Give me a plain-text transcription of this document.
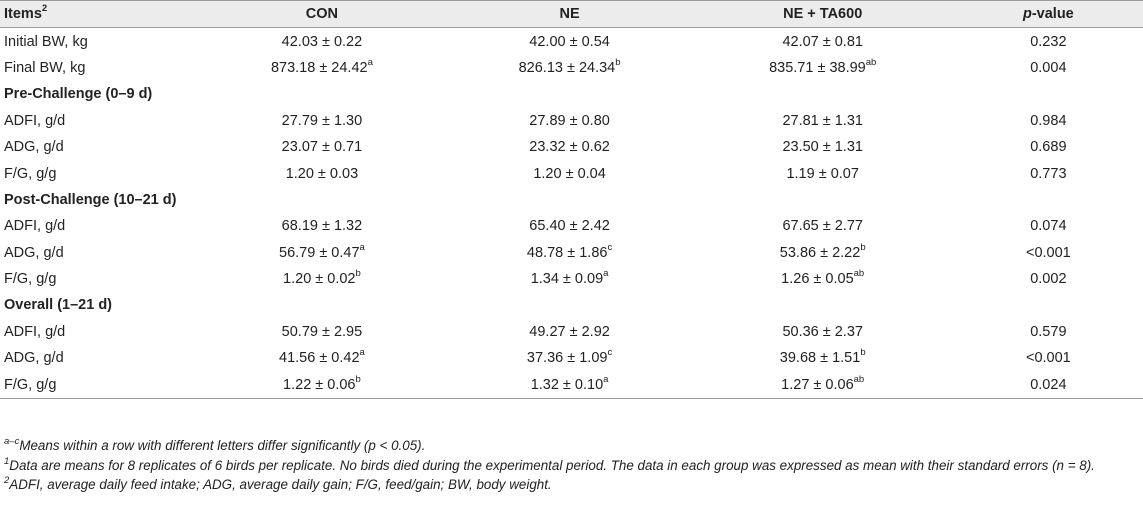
Items$^2$	CON	NE	NE + TA600	p-value
Initial BW, kg	42.03 ± 0.22	42.00 ± 0.54	42.07 ± 0.81	0.232
Final BW, kg	873.18 ± 24.42$^a$	826.13 ± 24.34$^b$	835.71 ± 38.99$^{ab}$	0.004
Pre-Challenge (0–9 d)				
ADFI, g/d	27.79 ± 1.30	27.89 ± 0.80	27.81 ± 1.31	0.984
ADG, g/d	23.07 ± 0.71	23.32 ± 0.62	23.50 ± 1.31	0.689
F/G, g/g	1.20 ± 0.03	1.20 ± 0.04	1.19 ± 0.07	0.773
Post-Challenge (10–21 d)				
ADFI, g/d	68.19 ± 1.32	65.40 ± 2.42	67.65 ± 2.77	0.074
ADG, g/d	56.79 ± 0.47$^a$	48.78 ± 1.86$^c$	53.86 ± 2.22$^b$	<0.001
F/G, g/g	1.20 ± 0.02$^b$	1.34 ± 0.09$^a$	1.26 ± 0.05$^{ab}$	0.002
Overall (1–21 d)				
ADFI, g/d	50.79 ± 2.95	49.27 ± 2.92	50.36 ± 2.37	0.579
ADG, g/d	41.56 ± 0.42$^a$	37.36 ± 1.09$^c$	39.68 ± 1.51$^b$	<0.001
F/G, g/g	1.22 ± 0.06$^b$	1.32 ± 0.10$^a$	1.27 ± 0.06$^{ab}$	0.024

$^{a-c}$Means within a row with different letters differ significantly (p < 0.05).

$^1$Data are means for 8 replicates of 6 birds per replicate. No birds died during the experimental period. The data in each group was expressed as mean with their standard errors (n = 8).

$^2$ADFI, average daily feed intake; ADG, average daily gain; F/G, feed/gain; BW, body weight.
